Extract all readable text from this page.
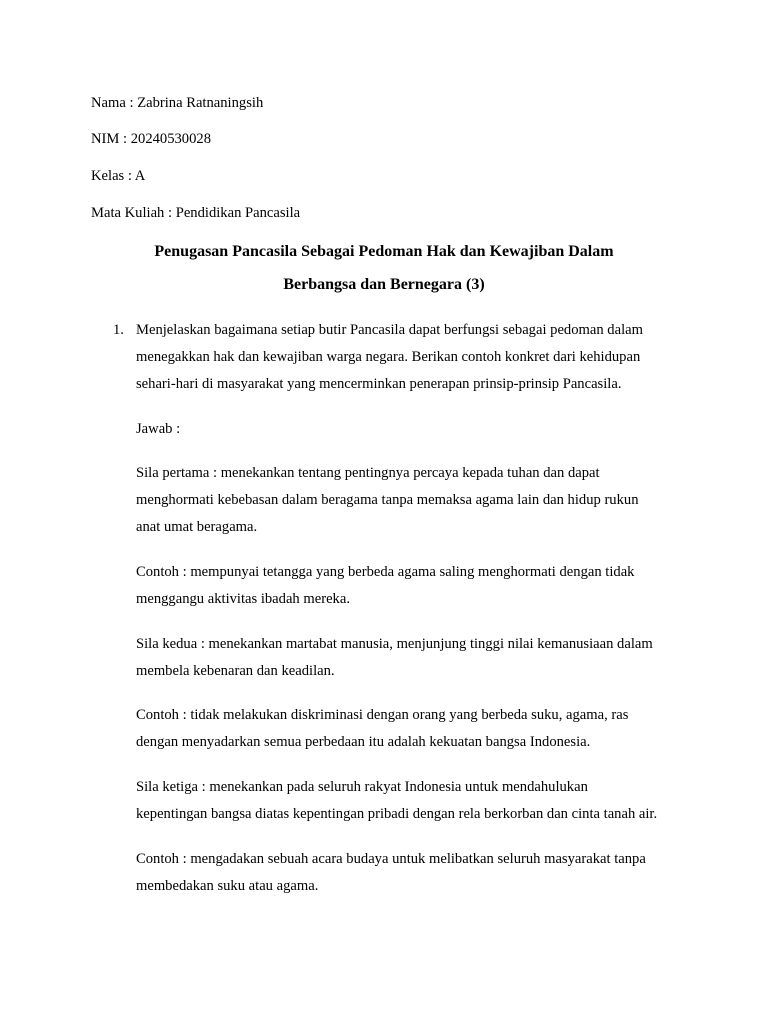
Nama : Zabrina Ratnaningsih
NIM : 20240530028
Kelas : A
Mata Kuliah : Pendidikan Pancasila
Penugasan Pancasila Sebagai Pedoman Hak dan Kewajiban Dalam
Berbangsa dan Bernegara (3)
1. Menjelaskan bagaimana setiap butir Pancasila dapat berfungsi sebagai pedoman dalam
menegakkan hak dan kewajiban warga negara. Berikan contoh konkret dari kehidupan
sehari-hari di masyarakat yang mencerminkan penerapan prinsip-prinsip Pancasila.
Jawab :
Sila pertama : menekankan tentang pentingnya percaya kepada tuhan dan dapat
menghormati kebebasan dalam beragama tanpa memaksa agama lain dan hidup rukun
anat umat beragama.
Contoh : mempunyai tetangga yang berbeda agama saling menghormati dengan tidak
menggangu aktivitas ibadah mereka.
Sila kedua : menekankan martabat manusia, menjunjung tinggi nilai kemanusiaan dalam
membela kebenaran dan keadilan.
Contoh : tidak melakukan diskriminasi dengan orang yang berbeda suku, agama, ras
dengan menyadarkan semua perbedaan itu adalah kekuatan bangsa Indonesia.
Sila ketiga : menekankan pada seluruh rakyat Indonesia untuk mendahulukan
kepentingan bangsa diatas kepentingan pribadi dengan rela berkorban dan cinta tanah air.
Contoh : mengadakan sebuah acara budaya untuk melibatkan seluruh masyarakat tanpa
membedakan suku atau agama.
